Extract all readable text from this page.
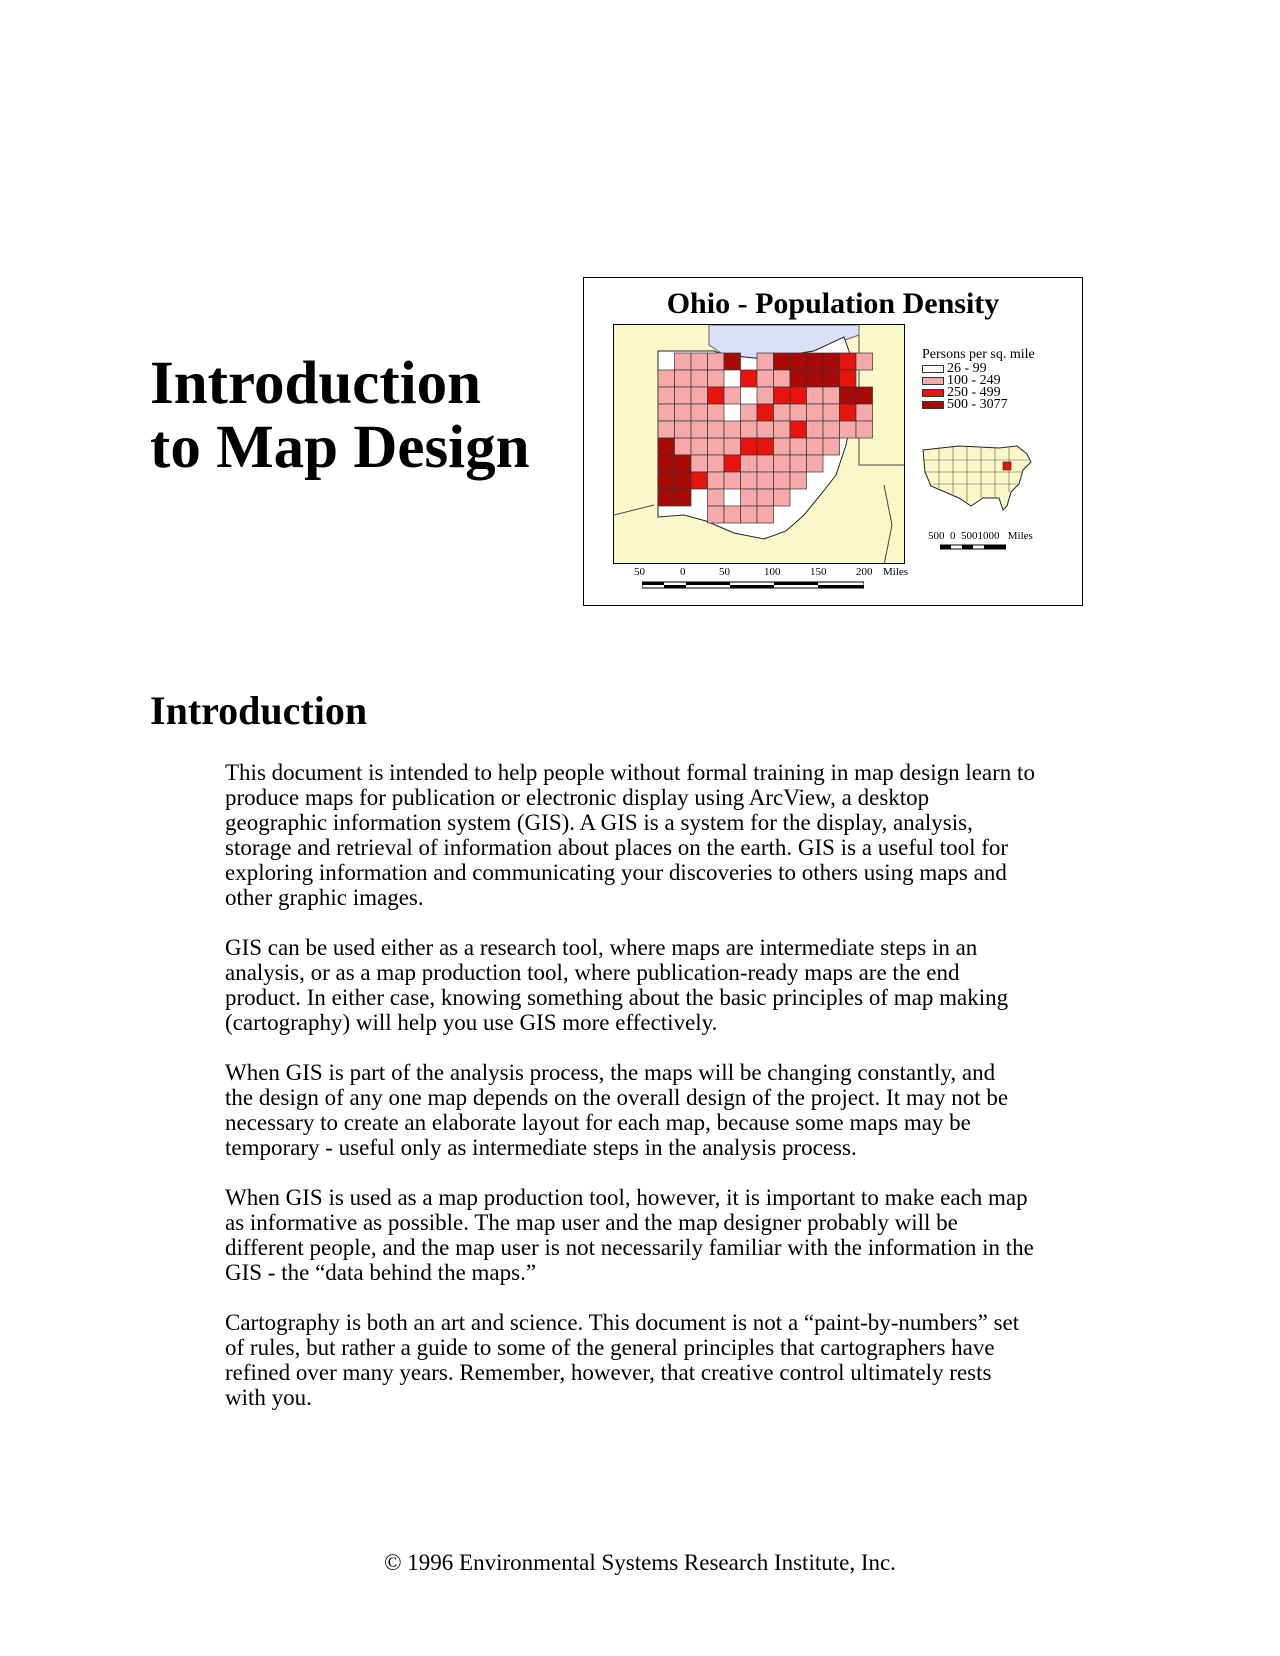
Introduction
to Map Design
Ohio - Population Density
Persons per sq. mile
26 - 99
100 - 249
250 - 499
500 - 3077
500  0  5001000   Miles
50	0	50	100	150	200 Miles
Introduction

This document is intended to help people without formal training in map design learn to
produce maps for publication or electronic display using ArcView, a desktop
geographic information system (GIS). A GIS is a system for the display, analysis,
storage and retrieval of information about places on the earth. GIS is a useful tool for
exploring information and communicating your discoveries to others using maps and
other graphic images.

GIS can be used either as a research tool, where maps are intermediate steps in an
analysis, or as a map production tool, where publication-ready maps are the end
product. In either case, knowing something about the basic principles of map making
(cartography) will help you use GIS more effectively.

When GIS is part of the analysis process, the maps will be changing constantly, and
the design of any one map depends on the overall design of the project. It may not be
necessary to create an elaborate layout for each map, because some maps may be
temporary - useful only as intermediate steps in the analysis process.

When GIS is used as a map production tool, however, it is important to make each map
as informative as possible. The map user and the map designer probably will be
different people, and the map user is not necessarily familiar with the information in the
GIS - the “data behind the maps.”

Cartography is both an art and science. This document is not a “paint-by-numbers” set
of rules, but rather a guide to some of the general principles that cartographers have
refined over many years. Remember, however, that creative control ultimately rests
with you.

© 1996 Environmental Systems Research Institute, Inc.
